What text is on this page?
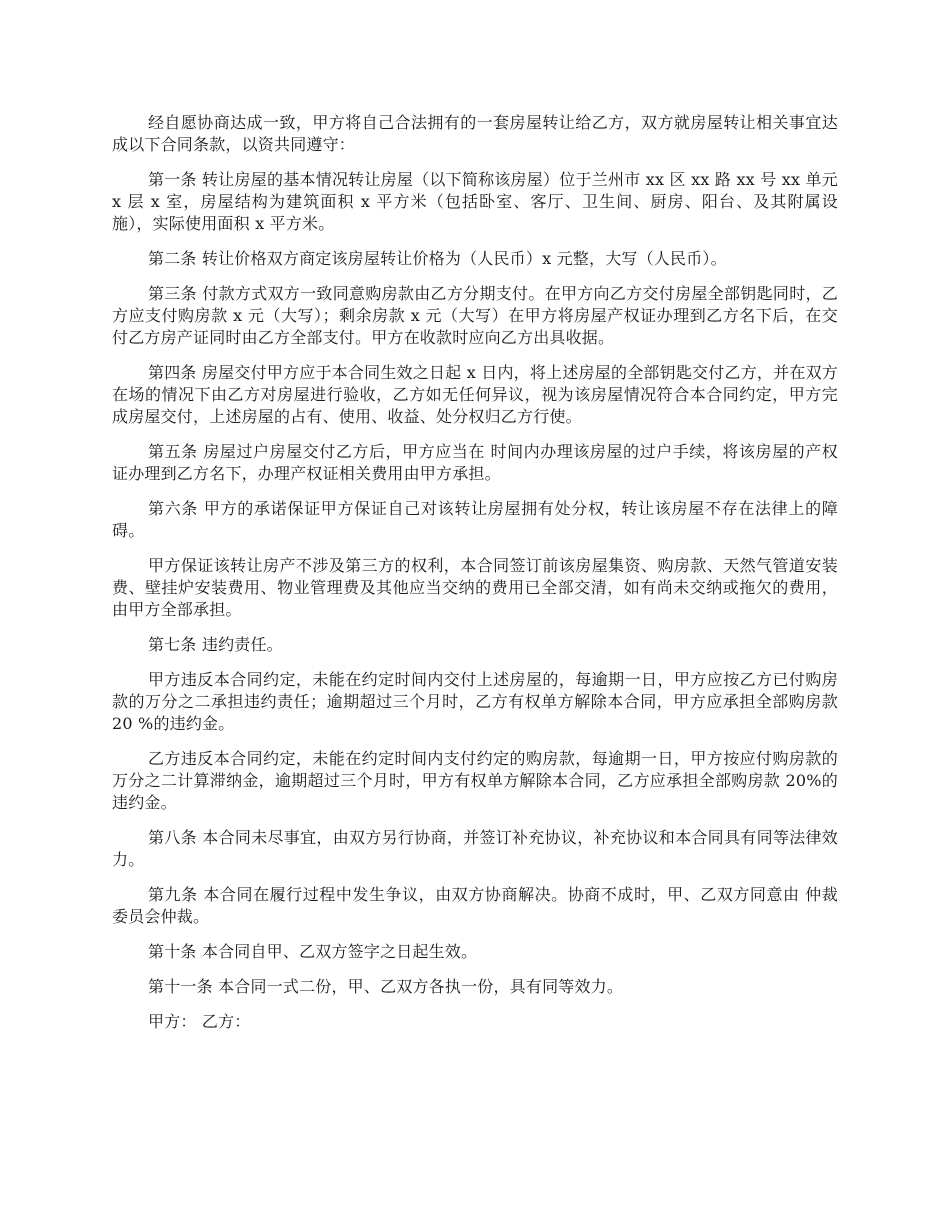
经自愿协商达成一致，甲方将自己合法拥有的一套房屋转让给乙方，双方就房屋转让相关事宜达成以下合同条款，以资共同遵守：

第一条 转让房屋的基本情况转让房屋（以下简称该房屋）位于兰州市 xx 区 xx 路 xx 号 xx 单元 x 层 x 室，房屋结构为建筑面积 x 平方米（包括卧室、客厅、卫生间、厨房、阳台、及其附属设施），实际使用面积 x 平方米。

第二条 转让价格双方商定该房屋转让价格为（人民币）x 元整，大写（人民币）。

第三条 付款方式双方一致同意购房款由乙方分期支付。在甲方向乙方交付房屋全部钥匙同时，乙方应支付购房款 x 元（大写）；剩余房款 x 元（大写）在甲方将房屋产权证办理到乙方名下后，在交付乙方房产证同时由乙方全部支付。甲方在收款时应向乙方出具收据。

第四条 房屋交付甲方应于本合同生效之日起 x 日内，将上述房屋的全部钥匙交付乙方，并在双方在场的情况下由乙方对房屋进行验收，乙方如无任何异议，视为该房屋情况符合本合同约定，甲方完成房屋交付，上述房屋的占有、使用、收益、处分权归乙方行使。

第五条 房屋过户房屋交付乙方后，甲方应当在 时间内办理该房屋的过户手续，将该房屋的产权证办理到乙方名下，办理产权证相关费用由甲方承担。

第六条 甲方的承诺保证甲方保证自己对该转让房屋拥有处分权，转让该房屋不存在法律上的障碍。

甲方保证该转让房产不涉及第三方的权利，本合同签订前该房屋集资、购房款、天然气管道安装费、壁挂炉安装费用、物业管理费及其他应当交纳的费用已全部交清，如有尚未交纳或拖欠的费用，由甲方全部承担。

第七条 违约责任。

甲方违反本合同约定，未能在约定时间内交付上述房屋的，每逾期一日，甲方应按乙方已付购房款的万分之二承担违约责任；逾期超过三个月时，乙方有权单方解除本合同，甲方应承担全部购房款 20 %的违约金。

乙方违反本合同约定，未能在约定时间内支付约定的购房款，每逾期一日，甲方按应付购房款的万分之二计算滞纳金，逾期超过三个月时，甲方有权单方解除本合同，乙方应承担全部购房款 20%的违约金。

第八条 本合同未尽事宜，由双方另行协商，并签订补充协议，补充协议和本合同具有同等法律效力。

第九条 本合同在履行过程中发生争议，由双方协商解决。协商不成时，甲、乙双方同意由 仲裁委员会仲裁。

第十条 本合同自甲、乙双方签字之日起生效。

第十一条 本合同一式二份，甲、乙双方各执一份，具有同等效力。

甲方： 乙方：
